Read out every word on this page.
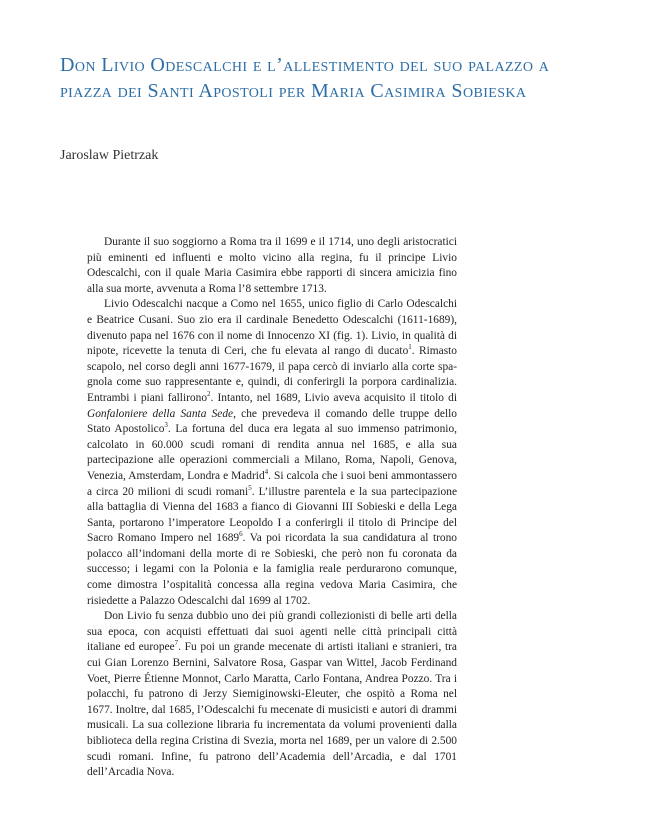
Don Livio Odescalchi e l’allestimento del suo palazzo a piazza dei Santi Apostoli per Maria Casimira Sobieska

Jaroslaw Pietrzak

Durante il suo soggiorno a Roma tra il 1699 e il 1714, uno degli aristocratici più eminenti ed influenti e molto vicino alla regina, fu il principe Livio Odescalchi, con il quale Maria Casimira ebbe rapporti di sincera amicizia fino alla sua morte, avvenuta a Roma l’8 settembre 1713.

Livio Odescalchi nacque a Como nel 1655, unico figlio di Carlo Odescalchi e Beatrice Cusani. Suo zio era il cardinale Benedetto Odescalchi (1611-1689), divenuto papa nel 1676 con il nome di Innocenzo XI (fig. 1). Livio, in qualità di nipote, ricevette la tenuta di Ceri, che fu elevata al rango di ducato$^1$. Rimasto scapolo, nel corso degli anni 1677-1679, il papa cercò di inviarlo alla corte spagnola come suo rappresentante e, quindi, di conferirgli la porpora cardinalizia. Entrambi i piani fallirono$^2$. Intanto, nel 1689, Livio aveva acquisito il titolo di Gonfaloniere della Santa Sede, che prevedeva il comando delle truppe dello Stato Apostolico$^3$. La fortuna del duca era legata al suo immenso patrimonio, calcolato in 60.000 scudi romani di rendita annua nel 1685, e alla sua partecipazione alle operazioni commerciali a Milano, Roma, Napoli, Genova, Venezia, Amsterdam, Londra e Madrid$^4$. Si calcola che i suoi beni ammontassero a circa 20 milioni di scudi romani$^5$. L’illustre parentela e la sua partecipazione alla battaglia di Vienna del 1683 a fianco di Giovanni III Sobieski e della Lega Santa, portarono l’imperatore Leopoldo I a conferirgli il titolo di Principe del Sacro Romano Impero nel 1689$^6$. Va poi ricordata la sua candidatura al trono polacco all’indomani della morte di re Sobieski, che però non fu coronata da successo; i legami con la Polonia e la famiglia reale perdurarono comunque, come dimostra l’ospitalità concessa alla regina vedova Maria Casimira, che risiedette a Palazzo Odescalchi dal 1699 al 1702.

Don Livio fu senza dubbio uno dei più grandi collezionisti di belle arti della sua epoca, con acquisti effettuati dai suoi agenti nelle città principali città italiane ed europee$^7$. Fu poi un grande mecenate di artisti italiani e stranieri, tra cui Gian Lorenzo Bernini, Salvatore Rosa, Gaspar van Wittel, Jacob Ferdinand Voet, Pierre Étienne Monnot, Carlo Maratta, Carlo Fontana, Andrea Pozzo. Tra i polacchi, fu patrono di Jerzy Siemiginowski-Eleuter, che ospitò a Roma nel 1677. Inoltre, dal 1685, l’Odescalchi fu mecenate di musicisti e autori di drammi musicali. La sua collezione libraria fu incrementata da volumi provenienti dalla biblioteca della regina Cristina di Svezia, morta nel 1689, per un valore di 2.500 scudi romani. Infine, fu patrono dell’Academia dell’Arcadia, e dal 1701 dell’Arcadia Nova.
